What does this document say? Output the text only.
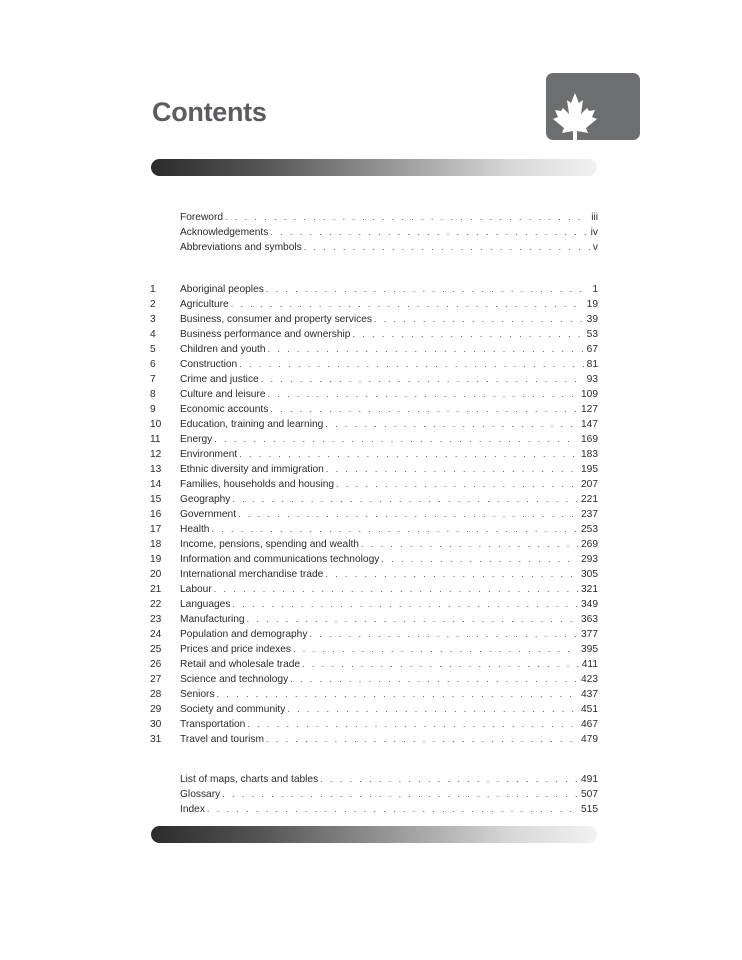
Contents
Foreword . . .	iii
Acknowledgements . . .	iv
Abbreviations and symbols . . .	v
1	Aboriginal peoples . . .	1
2	Agriculture . . .	19
3	Business, consumer and property services . . .	39
4	Business performance and ownership . . .	53
5	Children and youth . . .	67
6	Construction . . .	81
7	Crime and justice . . .	93
8	Culture and leisure . . .	109
9	Economic accounts . . .	127
10	Education, training and learning . . .	147
11	Energy . . .	169
12	Environment . . .	183
13	Ethnic diversity and immigration . . .	195
14	Families, households and housing . . .	207
15	Geography . . .	221
16	Government . . .	237
17	Health . . .	253
18	Income, pensions, spending and wealth . . .	269
19	Information and communications technology . . .	293
20	International merchandise trade . . .	305
21	Labour . . .	321
22	Languages . . .	349
23	Manufacturing . . .	363
24	Population and demography . . .	377
25	Prices and price indexes . . .	395
26	Retail and wholesale trade . . .	411
27	Science and technology . . .	423
28	Seniors . . .	437
29	Society and community . . .	451
30	Transportation . . .	467
31	Travel and tourism . . .	479
List of maps, charts and tables . . .	491
Glossary . . .	507
Index . . .	515
